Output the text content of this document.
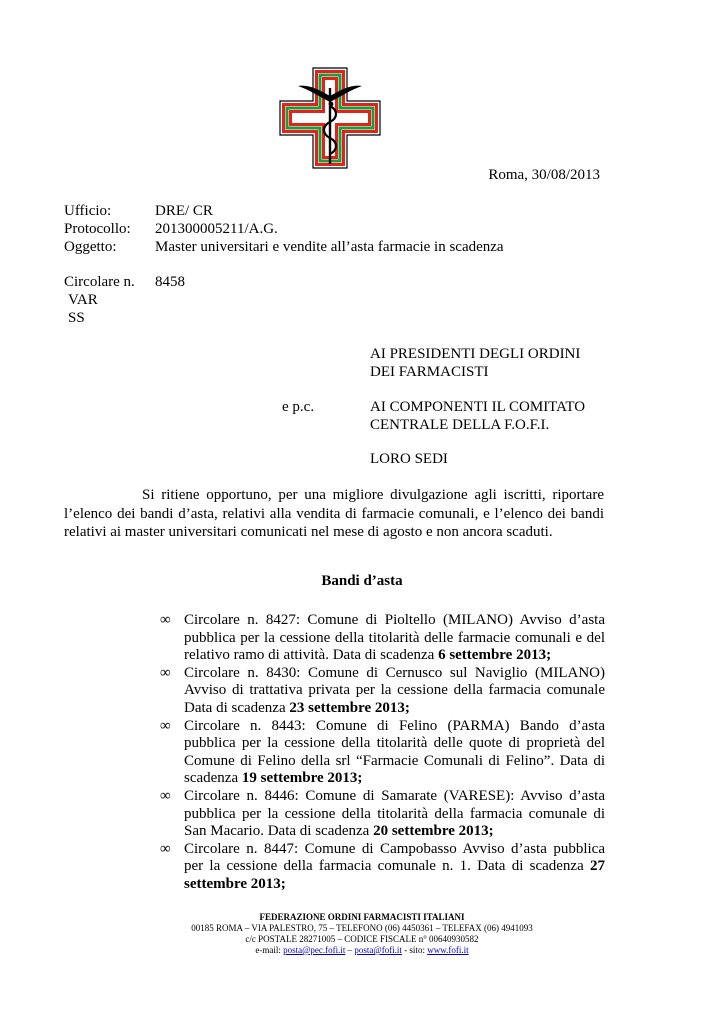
Roma, 30/08/2013
Ufficio:	DRE/ CR
Protocollo:	201300005211/A.G.
Oggetto:	Master universitari e vendite all’asta farmacie in scadenza
Circolare n.	8458
VAR
SS

AI PRESIDENTI DEGLI ORDINI

DEI FARMACISTI

AI COMPONENTI IL COMITATO

CENTRALE DELLA F.O.F.I.

LORO SEDI

e p.c.

Si ritiene opportuno, per una migliore divulgazione agli iscritti, riportare l’elenco dei bandi d’asta, relativi alla vendita di farmacie comunali, e l’elenco dei bandi relativi ai master universitari comunicati nel mese di agosto e non ancora scaduti.

Bandi d’asta
∞ Circolare n. 8427: Comune di Pioltello (MILANO) Avviso d’asta pubblica per la cessione della titolarità delle farmacie comunali e del relativo ramo di attività. Data di scadenza 6 settembre 2013;
∞ Circolare n. 8430: Comune di Cernusco sul Naviglio (MILANO) Avviso di trattativa privata per la cessione della farmacia comunale Data di scadenza 23 settembre 2013;
∞ Circolare n. 8443: Comune di Felino (PARMA) Bando d’asta pubblica per la cessione della titolarità delle quote di proprietà del Comune di Felino della srl “Farmacie Comunali di Felino”. Data di scadenza 19 settembre 2013;
∞ Circolare n. 8446: Comune di Samarate (VARESE): Avviso d’asta pubblica per la cessione della titolarità della farmacia comunale di San Macario. Data di scadenza 20 settembre 2013;
∞ Circolare n. 8447: Comune di Campobasso Avviso d’asta pubblica per la cessione della farmacia comunale n. 1. Data di scadenza 27 settembre 2013;
FEDERAZIONE ORDINI FARMACISTI ITALIANI
00185 ROMA – VIA PALESTRO, 75 – TELEFONO (06) 4450361 – TELEFAX (06) 4941093
c/c POSTALE 28271005 – CODICE FISCALE n° 00640930582
e-mail: posta@pec.fofi.it – posta@fofi.it - sito: www.fofi.it
